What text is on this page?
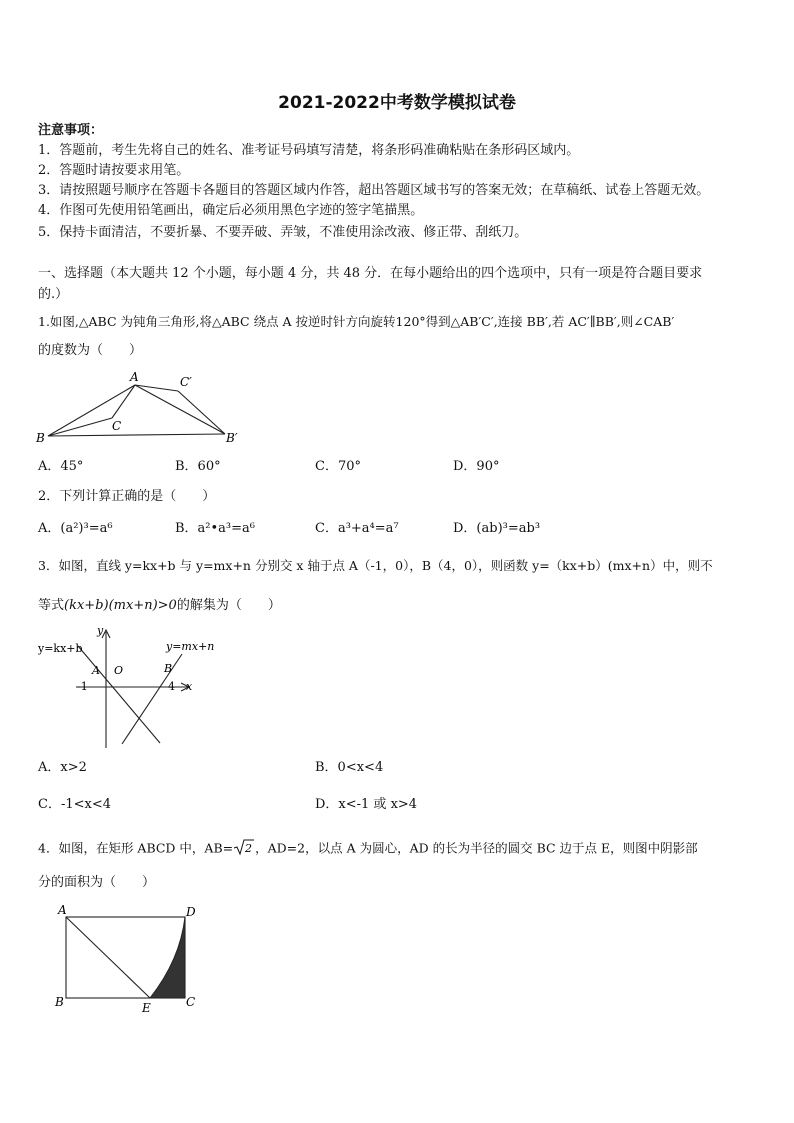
2021-2022中考数学模拟试卷
注意事项：
1．答题前，考生先将自己的姓名、准考证号码填写清楚，将条形码准确粘贴在条形码区域内。
2．答题时请按要求用笔。
3．请按照题号顺序在答题卡各题目的答题区域内作答，超出答题区域书写的答案无效；在草稿纸、试卷上答题无效。
4．作图可先使用铅笔画出，确定后必须用黑色字迹的签字笔描黑。
5．保持卡面清洁，不要折暴、不要弄破、弄皱，不准使用涂改液、修正带、刮纸刀。
一、选择题（本大题共 12 个小题，每小题 4 分，共 48 分．在每小题给出的四个选项中，只有一项是符合题目要求
的.）
1.如图,△ABC 为钝角三角形,将△ABC 绕点 A 按逆时针方向旋转120°得到△AB′C′,连接 BB′,若 AC′∥BB′,则∠CAB′
的度数为（　　）
A	C′
C
B	B′
A．45°	B．60°	C．70°	D．90°
2．下列计算正确的是（　　）
A．(a²)³=a⁶	B．a²•a³=a⁶	C．a³+a⁴=a⁷	D．(ab)³=ab³
3．如图，直线 y=kx+b 与 y=mx+n 分别交 x 轴于点 A（-1，0），B（4，0），则函数 y=（kx+b）(mx+n）中，则不
等式(kx+b)(mx+n)>0的解集为（　　）
y=kx+b	y=mx+n
y
x
A O	B
-1	4
A．x>2	B．0<x<4
C．-1<x<4	D．x<-1 或 x>4
4．如图，在矩形 ABCD 中，AB= 2 ，AD=2，以点 A 为圆心，AD 的长为半径的圆交 BC 边于点 E，则图中阴影部
分的面积为（　　）
A	D
B	E	C
